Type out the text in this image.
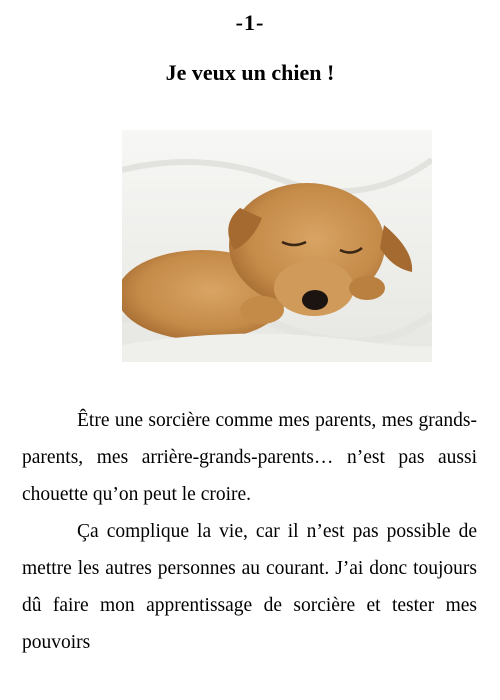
-1-
Je veux un chien !

Être une sorcière comme mes parents, mes grands-parents, mes arrière-grands-parents… n’est pas aussi chouette qu’on peut le croire.

Ça complique la vie, car il n’est pas possible de mettre les autres personnes au courant. J’ai donc toujours dû faire mon apprentissage de sorcière et tester mes pouvoirs
